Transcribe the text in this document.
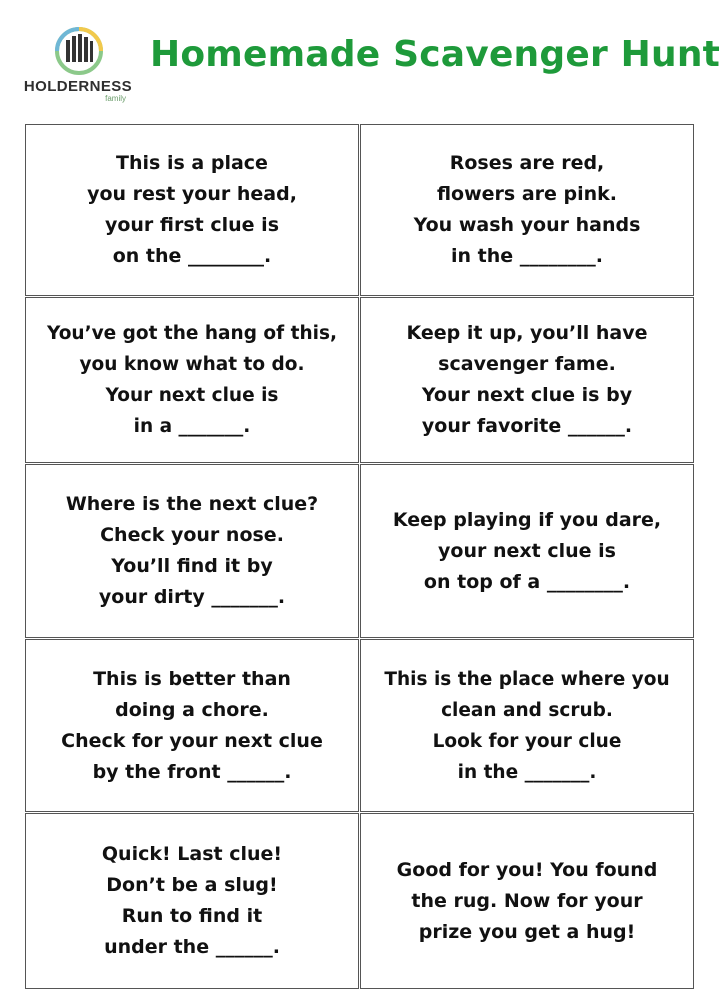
HOLDERNESS
family
Homemade Scavenger Hunt
This is a place
you rest your head,
your first clue is
on the ________.
Roses are red,
flowers are pink.
You wash your hands
in the ________.
You’ve got the hang of this,
you know what to do.
Your next clue is
in a _______.
Keep it up, you’ll have
scavenger fame.
Your next clue is by
your favorite ______.
Where is the next clue?
Check your nose.
You’ll find it by
your dirty _______.
Keep playing if you dare,
your next clue is
on top of a ________.
This is better than
doing a chore.
Check for your next clue
by the front ______.
This is the place where you
clean and scrub.
Look for your clue
in the _______.
Quick! Last clue!
Don’t be a slug!
Run to find it
under the ______.
Good for you! You found
the rug. Now for your
prize you get a hug!
